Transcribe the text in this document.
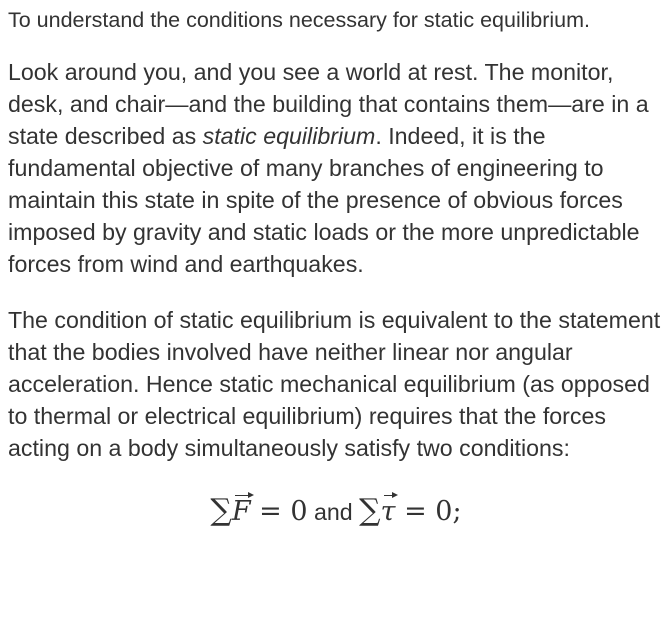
To understand the conditions necessary for static equilibrium.

Look around you, and you see a world at rest. The monitor, desk, and chair—and the building that contains them—are in a state described as static equilibrium. Indeed, it is the fundamental objective of many branches of engineering to maintain this state in spite of the presence of obvious forces imposed by gravity and static loads or the more unpredictable forces from wind and earthquakes.

The condition of static equilibrium is equivalent to the statement that the bodies involved have neither linear nor angular acceleration. Hence static mechanical equilibrium (as opposed to thermal or electrical equilibrium) requires that the forces acting on a body simultaneously satisfy two conditions:

∑F = 0 and ∑τ = 0;
